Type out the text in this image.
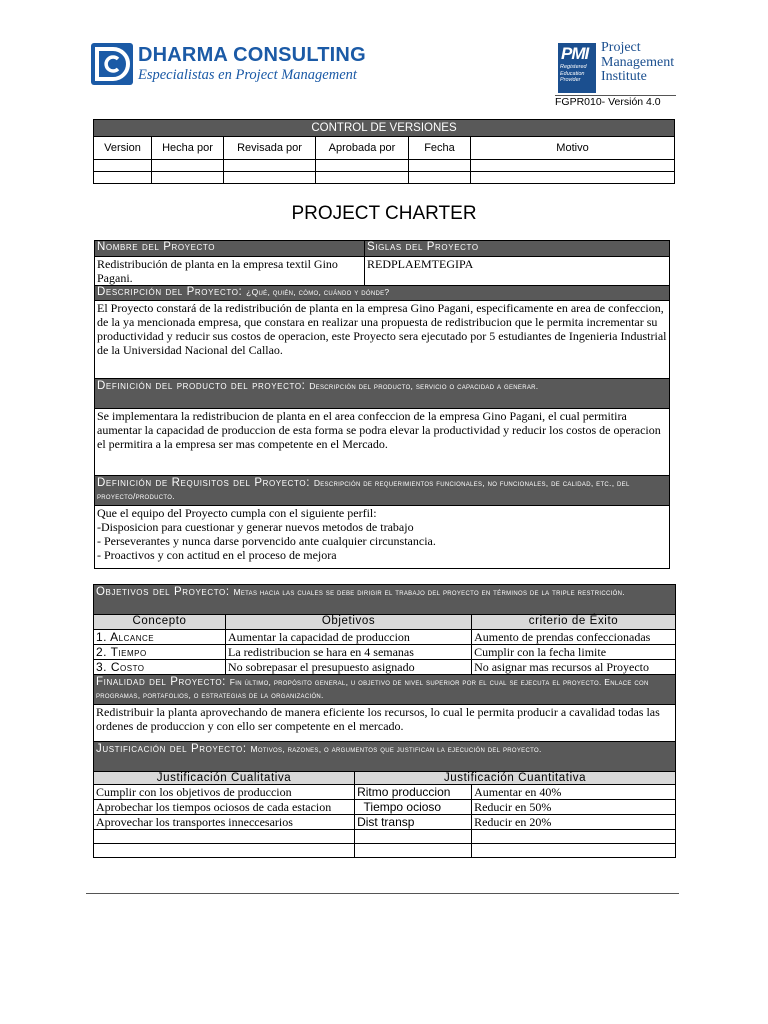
DHARMA CONSULTING
Especialistas en Project Management
PMI
Registered Education Provider
Project
Management
Institute
FGPR010- Versión 4.0
CONTROL DE VERSIONES					
Version	Hecha por	Revisada por	Aprobada por	Fecha	Motivo

PROJECT CHARTER
Nombre del Proyecto	Siglas del Proyecto
Redistribución de planta en la empresa textil Gino Pagani.	REDPLAEMTEGIPA
Descripción del Proyecto: ¿Qué, quién, cómo, cuándo y dónde?	
El Proyecto constará de la redistribución de planta en la empresa Gino Pagani, especificamente en area de confeccion, de la ya mencionada empresa, que constara en realizar una propuesta de redistribucion que le permita incrementar su productividad y reducir sus costos de operacion, este Proyecto sera ejecutado por 5 estudiantes de Ingenieria Industrial de la Universidad Nacional del Callao.	
Definición del producto del proyecto: Descripción del producto, servicio o capacidad a generar.	
Se implementara la redistribucion de planta en el area confeccion de la empresa Gino Pagani, el cual permitira aumentar la capacidad de produccion de esta forma se podra elevar la productividad y reducir los costos de operacion el permitira a la empresa ser mas competente en el Mercado.	
Definición de Requisitos del Proyecto: Descripción de requerimientos funcionales, no funcionales, de calidad, etc., del proyecto/producto.	

Que el equipo del Proyecto cumpla con el siguiente perfil:
-Disposicion para cuestionar y generar nuevos metodos de trabajo
- Perseverantes y nunca darse porvencido ante cualquier circunstancia.
- Proactivos y con actitud en el proceso de mejora	
Objetivos del Proyecto: Metas hacia las cuales se debe dirigir el trabajo del proyecto en términos de la triple restricción.			
Concepto	Objetivos		criterio de Éxito
1. Alcance	Aumentar la capacidad de produccion		Aumento de prendas confeccionadas
2. Tiempo	La redistribucion se hara en 4 semanas		Cumplir con la fecha limite
3. Costo	No sobrepasar el presupuesto asignado		No asignar mas recursos al Proyecto
Finalidad del Proyecto: Fin último, propósito general, u objetivo de nivel superior por el cual se ejecuta el proyecto. Enlace con programas, portafolios, o estrategias de la organización.			
Redistribuir la planta aprovechando de manera eficiente los recursos, lo cual le permita producir a cavalidad todas las ordenes de produccion y con ello ser competente en el mercado.			
Justificación del Proyecto: Motivos, razones, o argumentos que justifican la ejecución del proyecto.			
Justificación Cualitativa		Justificación Cuantitativa	
Cumplir con los objetivos de produccion		Ritmo produccion	Aumentar en 40%
Aprobechar los tiempos ociosos de cada estacion		Tiempo ocioso	Reducir en 50%
Aprovechar los transportes inneccesarios		Dist transp	Reducir en 20%
